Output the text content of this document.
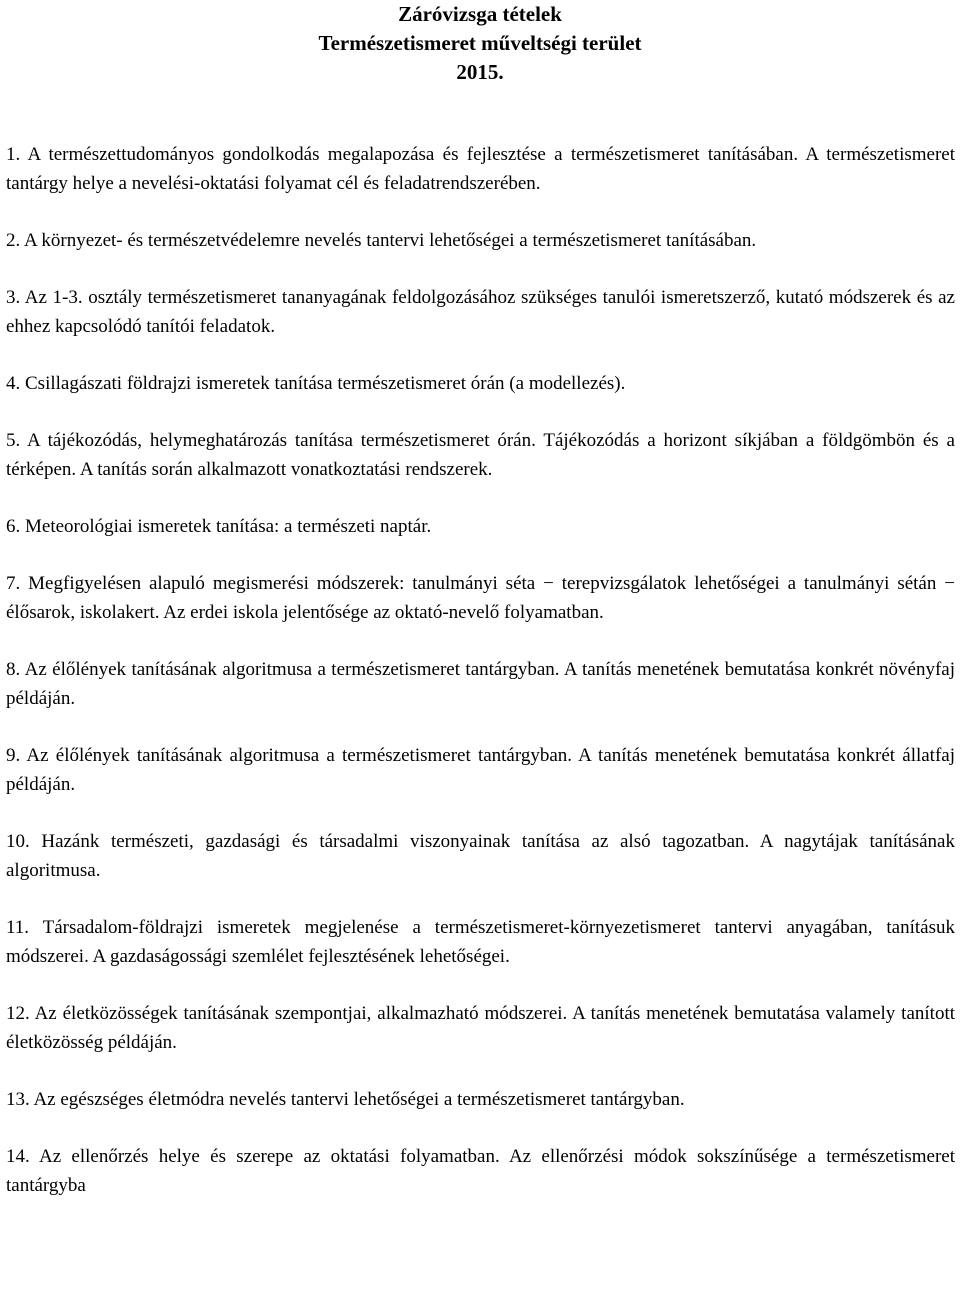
Záróvizsga tételek
Természetismeret műveltségi terület
2015.

1. A természettudományos gondolkodás megalapozása és fejlesztése a természetismeret tanításában. A természetismeret tantárgy helye a nevelési-oktatási folyamat cél és feladatrendszerében.

2. A környezet- és természetvédelemre nevelés tantervi lehetőségei a természetismeret tanításában.

3. Az 1-3. osztály természetismeret tananyagának feldolgozásához szükséges tanulói ismeretszerző, kutató módszerek és az ehhez kapcsolódó tanítói feladatok.

4. Csillagászati földrajzi ismeretek tanítása természetismeret órán (a modellezés).

5. A tájékozódás, helymeghatározás tanítása természetismeret órán. Tájékozódás a horizont síkjában a földgömbön és a térképen. A tanítás során alkalmazott vonatkoztatási rendszerek.

6. Meteorológiai ismeretek tanítása: a természeti naptár.

7. Megfigyelésen alapuló megismerési módszerek: tanulmányi séta − terepvizsgálatok lehetőségei a tanulmányi sétán − élősarok, iskolakert. Az erdei iskola jelentősége az oktató-nevelő folyamatban.

8. Az élőlények tanításának algoritmusa a természetismeret tantárgyban. A tanítás menetének bemutatása konkrét növényfaj példáján.

9. Az élőlények tanításának algoritmusa a természetismeret tantárgyban. A tanítás menetének bemutatása konkrét állatfaj példáján.

10. Hazánk természeti, gazdasági és társadalmi viszonyainak tanítása az alsó tagozatban. A nagytájak tanításának algoritmusa.

11. Társadalom-földrajzi ismeretek megjelenése a természetismeret-környezetismeret tantervi anyagában, tanításuk módszerei. A gazdaságossági szemlélet fejlesztésének lehetőségei.

12. Az életközösségek tanításának szempontjai, alkalmazható módszerei. A tanítás menetének bemutatása valamely tanított életközösség példáján.

13. Az egészséges életmódra nevelés tantervi lehetőségei a természetismeret tantárgyban.

14. Az ellenőrzés helye és szerepe az oktatási folyamatban. Az ellenőrzési módok sokszínűsége a természetismeret tantárgyba
